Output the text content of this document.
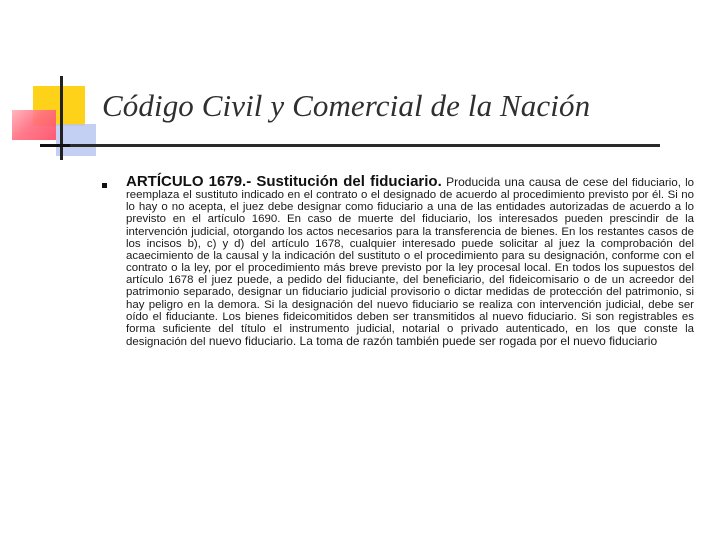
Código Civil y Comercial de la Nación

ARTÍCULO 1679.- Sustitución del fiduciario. Producida una causa de cese del fiduciario, lo reemplaza el sustituto indicado en el contrato o el designado de acuerdo al procedimiento previsto por él. Si no lo hay o no acepta, el juez debe designar como fiduciario a una de las entidades autorizadas de acuerdo a lo previsto en el artículo 1690. En caso de muerte del fiduciario, los interesados pueden prescindir de la intervención judicial, otorgando los actos necesarios para la transferencia de bienes. En los restantes casos de los incisos b), c) y d) del artículo 1678, cualquier interesado puede solicitar al juez la comprobación del acaecimiento de la causal y la indicación del sustituto o el procedimiento para su designación, conforme con el contrato o la ley, por el procedimiento más breve previsto por la ley procesal local. En todos los supuestos del artículo 1678 el juez puede, a pedido del fiduciante, del beneficiario, del fideicomisario o de un acreedor del patrimonio separado, designar un fiduciario judicial provisorio o dictar medidas de protección del patrimonio, si hay peligro en la demora. Si la designación del nuevo fiduciario se realiza con intervención judicial, debe ser oído el fiduciante. Los bienes fideicomitidos deben ser transmitidos al nuevo fiduciario. Si son registrables es forma suficiente del título el instrumento judicial, notarial o privado autenticado, en los que conste la designación del nuevo fiduciario. La toma de razón también puede ser rogada por el nuevo fiduciario
